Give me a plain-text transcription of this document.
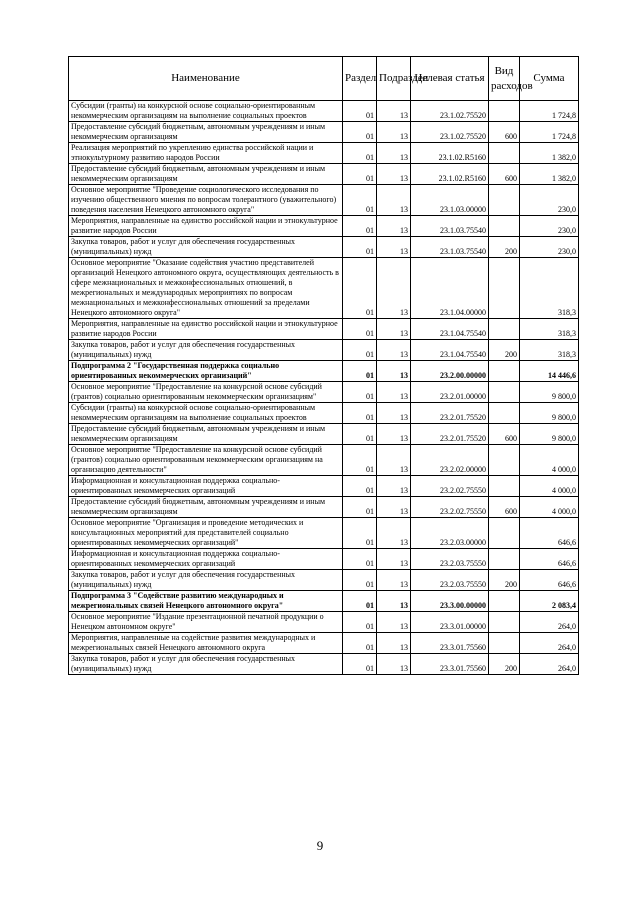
Наименование	Раздел	Подраздел	Целевая статья	Вид расходов	Сумма
Субсидии (гранты) на конкурсной основе социально-ориентированным некоммерческим организациям на выполнение социальных проектов	01	13	23.1.02.75520		1 724,8
Предоставление субсидий бюджетным, автономным учреждениям и иным некоммерческим организациям	01	13	23.1.02.75520	600	1 724,8
Реализация мероприятий по укреплению единства российской нации и этнокультурному развитию народов России	01	13	23.1.02.R5160		1 382,0
Предоставление субсидий бюджетным, автономным учреждениям и иным некоммерческим организациям	01	13	23.1.02.R5160	600	1 382,0
Основное мероприятие "Проведение социологического исследования по изучению общественного мнения по вопросам толерантного (уважительного) поведения населения Ненецкого автономного округа"	01	13	23.1.03.00000		230,0
Мероприятия, направленные на единство российской нации и этнокультурное развитие народов России	01	13	23.1.03.75540		230,0
Закупка товаров, работ и услуг для обеспечения государственных (муниципальных) нужд	01	13	23.1.03.75540	200	230,0
Основное мероприятие "Оказание содействия участию представителей организаций Ненецкого автономного округа, осуществляющих деятельность в сфере межнациональных и межконфессиональных отношений, в межрегиональных и международных мероприятиях по вопросам межнациональных и межконфессиональных отношений за пределами Ненецкого автономного округа"	01	13	23.1.04.00000		318,3
Мероприятия, направленные на единство российской нации и этнокультурное развитие народов России	01	13	23.1.04.75540		318,3
Закупка товаров, работ и услуг для обеспечения государственных (муниципальных) нужд	01	13	23.1.04.75540	200	318,3
Подпрограмма 2 "Государственная поддержка социально ориентированных некоммерческих организаций"	01	13	23.2.00.00000		14 446,6
Основное мероприятие "Предоставление на конкурсной основе субсидий (грантов) социально ориентированным некоммерческим организациям"	01	13	23.2.01.00000		9 800,0
Субсидии (гранты) на конкурсной основе социально-ориентированным некоммерческим организациям на выполнение социальных проектов	01	13	23.2.01.75520		9 800,0
Предоставление субсидий бюджетным, автономным учреждениям и иным некоммерческим организациям	01	13	23.2.01.75520	600	9 800,0
Основное мероприятие "Предоставление на конкурсной основе субсидий (грантов) социально ориентированным некоммерческим организациям на организацию деятельности"	01	13	23.2.02.00000		4 000,0
Информационная и консультационная поддержка социально-ориентированных некоммерческих организаций	01	13	23.2.02.75550		4 000,0
Предоставление субсидий бюджетным, автономным учреждениям и иным некоммерческим организациям	01	13	23.2.02.75550	600	4 000,0
Основное мероприятие "Организация и проведение методических и консультационных мероприятий для представителей социально ориентированных некоммерческих организаций"	01	13	23.2.03.00000		646,6
Информационная и консультационная поддержка социально-ориентированных некоммерческих организаций	01	13	23.2.03.75550		646,6
Закупка товаров, работ и услуг для обеспечения государственных (муниципальных) нужд	01	13	23.2.03.75550	200	646,6
Подпрограмма 3 "Содействие развитию международных и межрегиональных связей Ненецкого автономного округа"	01	13	23.3.00.00000		2 083,4
Основное мероприятие "Издание презентационной печатной продукции о Ненецком автономном округе"	01	13	23.3.01.00000		264,0
Мероприятия, направленные на содействие развития международных и межрегиональных связей Ненецкого автономного округа	01	13	23.3.01.75560		264,0
Закупка товаров, работ и услуг для обеспечения государственных (муниципальных) нужд	01	13	23.3.01.75560	200	264,0
9
